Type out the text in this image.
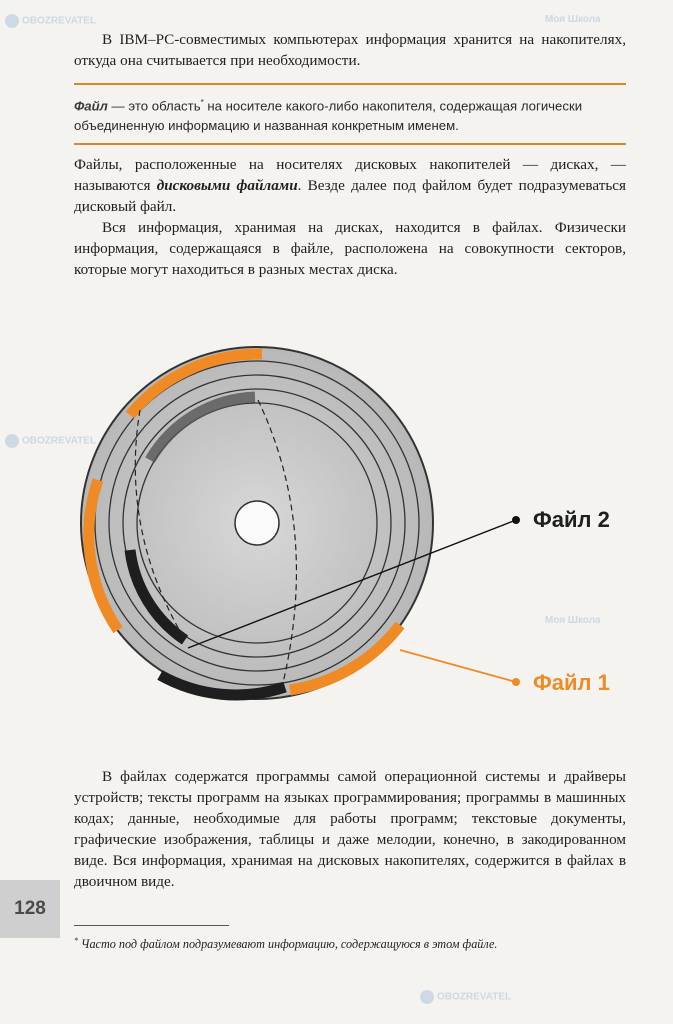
В IBM–PC-совместимых компьютерах информация хранится на накопителях, откуда она считывается при необходимости.

Файл — это область* на носителе какого-либо накопителя, содержащая логически объединенную информацию и названная конкретным именем.

Файлы, расположенные на носителях дисковых накопителей — дисках, — называются дисковыми файлами. Везде далее под файлом будет подразумеваться дисковый файл.

Вся информация, хранимая на дисках, находится в файлах. Физически информация, содержащаяся в файле, расположена на совокупности секторов, которые могут находиться в разных местах диска.

Файл 2
Файл 1

В файлах содержатся программы самой операционной системы и драйверы устройств; тексты программ на языках программирования; программы в машинных кодах; данные, необходимые для работы программ; текстовые документы, графические изображения, таблицы и даже мелодии, конечно, в закодированном виде. Вся информация, хранимая на дисковых накопителях, содержится в файлах в двоичном виде.

128
* Часто под файлом подразумевают информацию, содержащуюся в этом файле.
OBOZREVATEL	Моя Школа
OBOZREVATEL
Моя Школа
OBOZREVATEL
